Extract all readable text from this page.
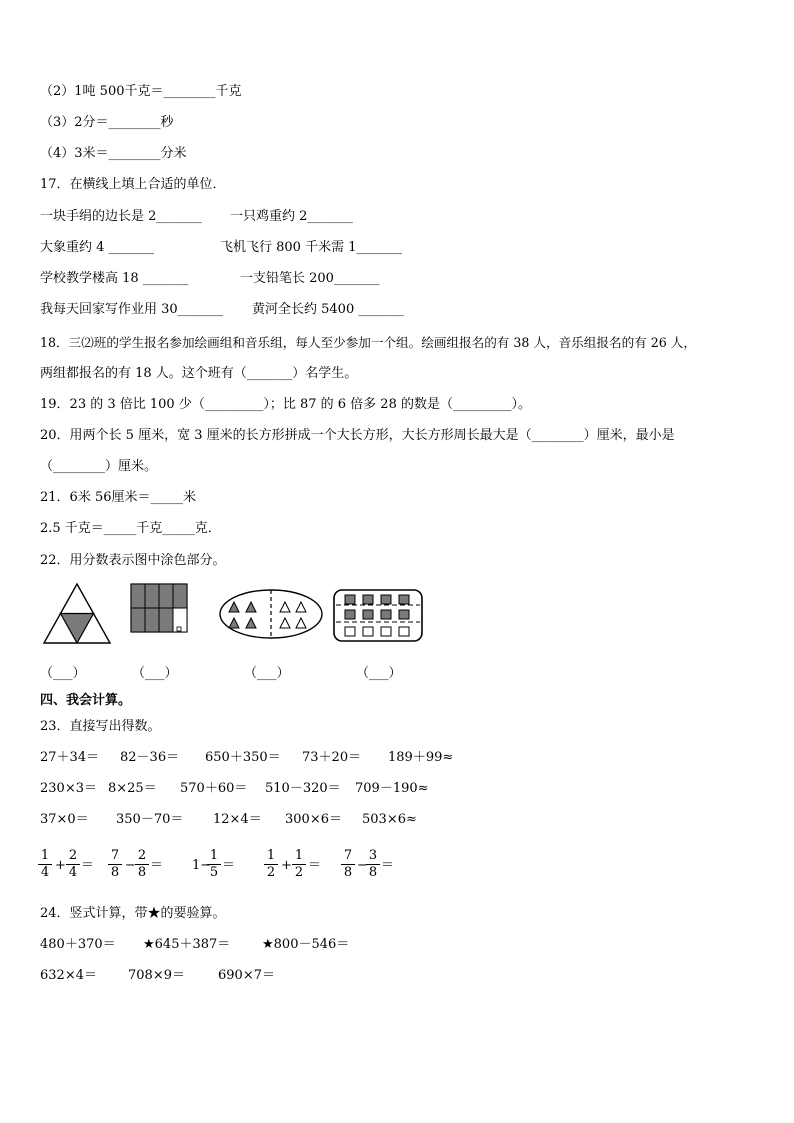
（2）1吨 500千克＝________千克
（3）2分＝________秒
（4）3米＝________分米
17．在横线上填上合适的单位．
一块手绢的边长是 2_______ 一只鸡重约 2_______
大象重约 4 _______	飞机飞行 800 千米需 1_______
学校教学楼高 18 _______	一支铅笔长 200_______
我每天回家写作业用 30_______ 黄河全长约 5400 _______
18．三⑵班的学生报名参加绘画组和音乐组，每人至少参加一个组。绘画组报名的有 38 人，音乐组报名的有 26 人，
两组都报名的有 18 人。这个班有（_______）名学生。
19．23 的 3 倍比 100 少（_________）；比 87 的 6 倍多 28 的数是（_________）。
20．用两个长 5 厘米，宽 3 厘米的长方形拼成一个大长方形，大长方形周长最大是（________）厘米，最小是
（________）厘米。
21．6米 56厘米＝_____米
2.5 千克＝_____千克_____克．
22．用分数表示图中涂色部分。
（___）	（___）	（___）	（___）
四、我会计算。
23．直接写出得数。
27＋34＝ 82－36＝ 650＋350＝ 73＋20＝ 189＋99≈
230×3＝ 8×25＝ 570＋60＝ 510－320＝ 709－190≈
37×0＝ 350－70＝ 12×4＝ 300×6＝ 503×6≈
$\frac{1}{4} + \frac{2}{4} = \frac{7}{8} - \frac{2}{8} = 1-$
$\frac{1}{5} = \frac{1}{2} + \frac{1}{2} = \frac{7}{8}$ −
$\frac{3}{8}$ ＝
24．竖式计算，带★的要验算。
480＋370＝ ★645＋387＝ ★800－546＝
632×4＝ 708×9＝	690×7＝
